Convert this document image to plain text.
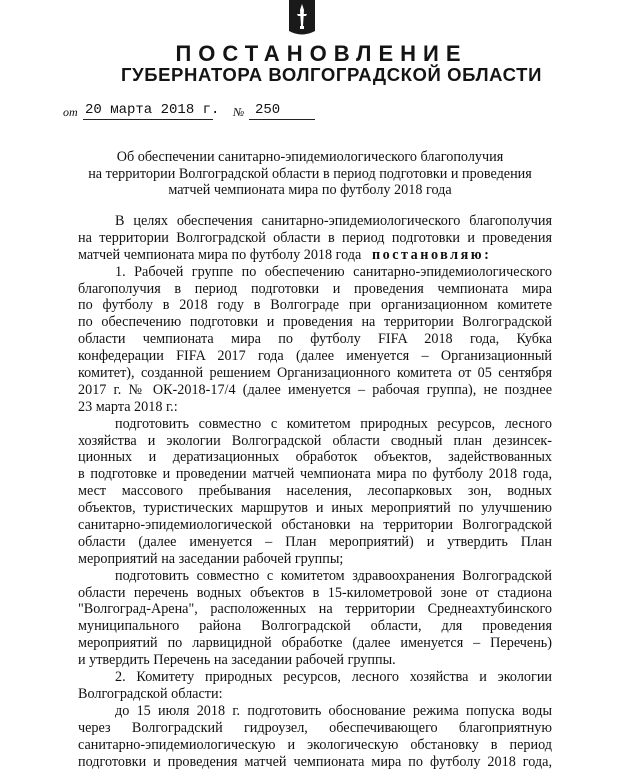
ПОСТАНОВЛЕНИЕ
ГУБЕРНАТОРА ВОЛГОГРАДСКОЙ ОБЛАСТИ
от 20 марта 2018 г. № 250
Об обеспечении санитарно-эпидемиологического благополучия
на территории Волгоградской области в период подготовки и проведения
матчей чемпионата мира по футболу 2018 года
В целях обеспечения санитарно-эпидемиологического благополучия
на территории Волгоградской области в период подготовки и проведения
матчей чемпионата мира по футболу 2018 года постановляю:
1. Рабочей группе по обеспечению санитарно-эпидемиологического
благополучия в период подготовки и проведения чемпионата мира
по футболу в 2018 году в Волгограде при организационном комитете
по обеспечению подготовки и проведения на территории Волгоградской
области чемпионата мира по футболу FIFA 2018 года, Кубка
конфедерации FIFA 2017 года (далее именуется – Организационный
комитет), созданной решением Организационного комитета от 05 сентября
2017 г. № ОК-2018-17/4 (далее именуется – рабочая группа), не позднее
23 марта 2018 г.:
подготовить совместно с комитетом природных ресурсов, лесного
хозяйства и экологии Волгоградской области сводный план дезинсек-
ционных и дератизационных обработок объектов, задействованных
в подготовке и проведении матчей чемпионата мира по футболу 2018 года,
мест массового пребывания населения, лесопарковых зон, водных
объектов, туристических маршрутов и иных мероприятий по улучшению
санитарно-эпидемиологической обстановки на территории Волгоградской
области (далее именуется – План мероприятий) и утвердить План
мероприятий на заседании рабочей группы;
подготовить совместно с комитетом здравоохранения Волгоградской
области перечень водных объектов в 15-километровой зоне от стадиона
"Волгоград-Арена", расположенных на территории Среднеахтубинского
муниципального района Волгоградской области, для проведения
мероприятий по ларвицидной обработке (далее именуется – Перечень)
и утвердить Перечень на заседании рабочей группы.
2. Комитету природных ресурсов, лесного хозяйства и экологии
Волгоградской области:
до 15 июля 2018 г. подготовить обоснование режима попуска воды
через Волгоградский гидроузел, обеспечивающего благоприятную
санитарно-эпидемиологическую и экологическую обстановку в период
подготовки и проведения матчей чемпионата мира по футболу 2018 года,
